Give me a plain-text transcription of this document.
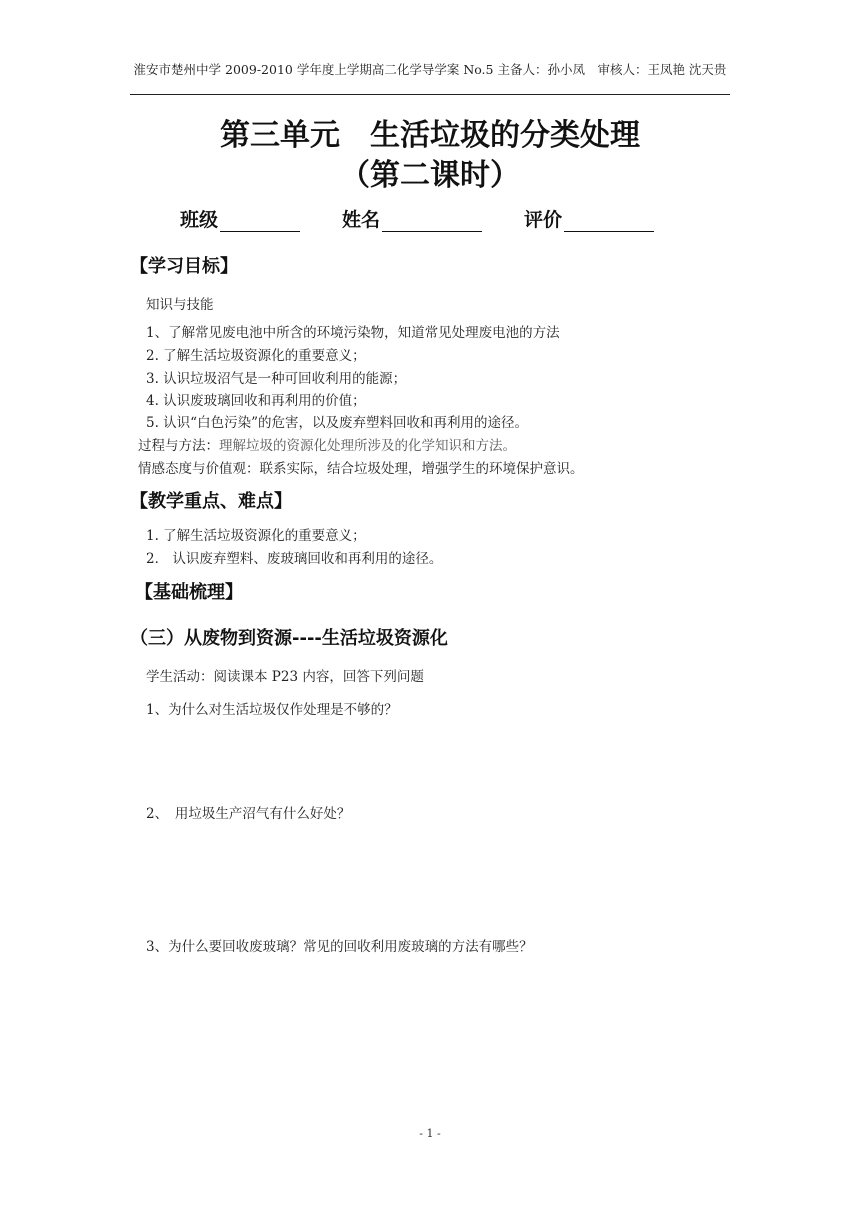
淮安市楚州中学 2009-2010 学年度上学期高二化学导学案 No.5 主备人：孙小凤　审核人：王凤艳 沈天贵
第三单元　生活垃圾的分类处理
（第二课时）
班级	姓名	评价
【学习目标】
知识与技能
1、了解常见废电池中所含的环境污染物，知道常见处理废电池的方法
2. 了解生活垃圾资源化的重要意义；
3. 认识垃圾沼气是一种可回收利用的能源；
4. 认识废玻璃回收和再利用的价值；
5. 认识“白色污染”的危害，以及废弃塑料回收和再利用的途径。
过程与方法：理解垃圾的资源化处理所涉及的化学知识和方法。
情感态度与价值观：联系实际，结合垃圾处理，增强学生的环境保护意识。
【教学重点、难点】
1. 了解生活垃圾资源化的重要意义；
2． 认识废弃塑料、废玻璃回收和再利用的途径。
【基础梳理】
（三）从废物到资源----生活垃圾资源化
学生活动：阅读课本 P23 内容，回答下列问题
1、为什么对生活垃圾仅作处理是不够的？
2、　用垃圾生产沼气有什么好处？
3、为什么要回收废玻璃？常见的回收利用废玻璃的方法有哪些？
- 1 -
